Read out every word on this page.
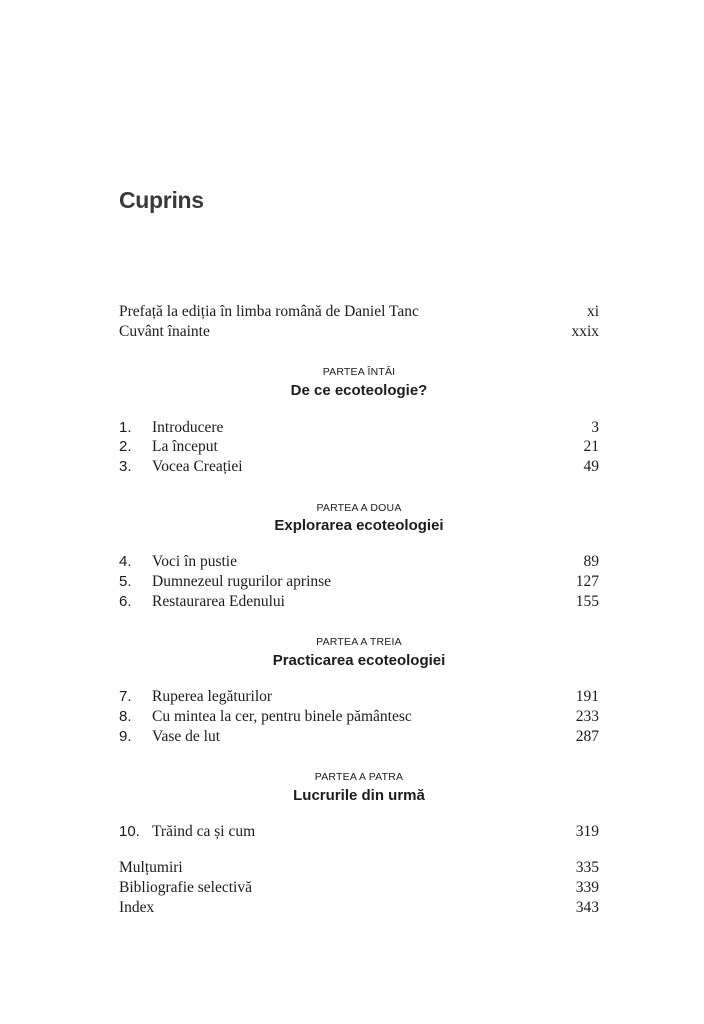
Cuprins
Prefață la ediția în limba română de Daniel Tanc	xi
Cuvânt înainte	xxix
PARTEA ÎNTÂI
De ce ecoteologie?
1. Introducere	3
2. La început	21
3. Vocea Creației	49
PARTEA A DOUA
Explorarea ecoteologiei
4. Voci în pustie	89
5. Dumnezeul rugurilor aprinse	127
6. Restaurarea Edenului	155
PARTEA A TREIA
Practicarea ecoteologiei
7. Ruperea legăturilor	191
8. Cu mintea la cer, pentru binele pământesc	233
9. Vase de lut	287
PARTEA A PATRA
Lucrurile din urmă
10. Trăind ca și cum	319
Mulțumiri	335
Bibliografie selectivă	339
Index	343
